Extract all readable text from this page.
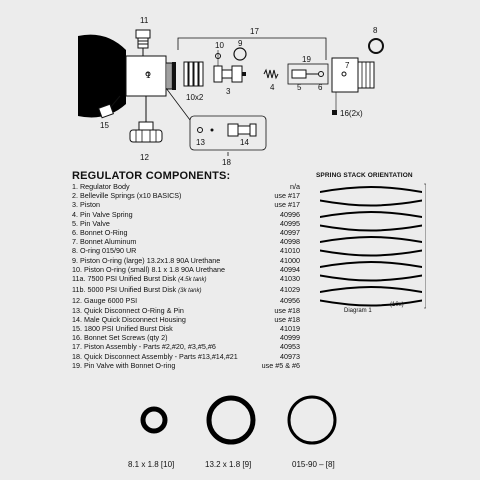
11
17
10 9
8
19
7
1
10x2
3	4	5 6
16(2x)
15
13	14
12
18
REGULATOR COMPONENTS:
1. Regulator Body	n/a
2. Belleville Springs (x10 BASICS)	use #17
3. Piston	use #17
4. Pin Valve Spring	40996
5. Pin Valve	40995
6. Bonnet O-Ring	40997
7. Bonnet Aluminum	40998
8. O-ring 015/90 UR	41010
9. Piston O-ring (large) 13.2x1.8 90A Urethane	41000
10. Piston O-ring (small) 8.1 x 1.8 90A Urethane	40994
11a. 7500 PSI Unified Burst Disk (4.5k tank)	41030
11b. 5000 PSI Unified Burst Disk (3k tank)	41029
12. Gauge 6000 PSI	40956
13. Quick Disconnect O-Ring & Pin	use #18
14. Male Quick Disconnect Housing	use #18
15. 1800 PSI Unified Burst Disk	41019
16. Bonnet Set Screws (qty 2)	40999
17. Piston Assembly - Parts #2,#20, #3,#5,#6	40953
18. Quick Disconnect Assembly - Parts #13,#14,#21	40973
19. Pin Valve with Bonnet O-ring	use #5 & #6
SPRING STACK ORIENTATION
(10x)
Diagram 1
8.1 x 1.8 [10]	13.2 x 1.8 [9]	015-90 – [8]
